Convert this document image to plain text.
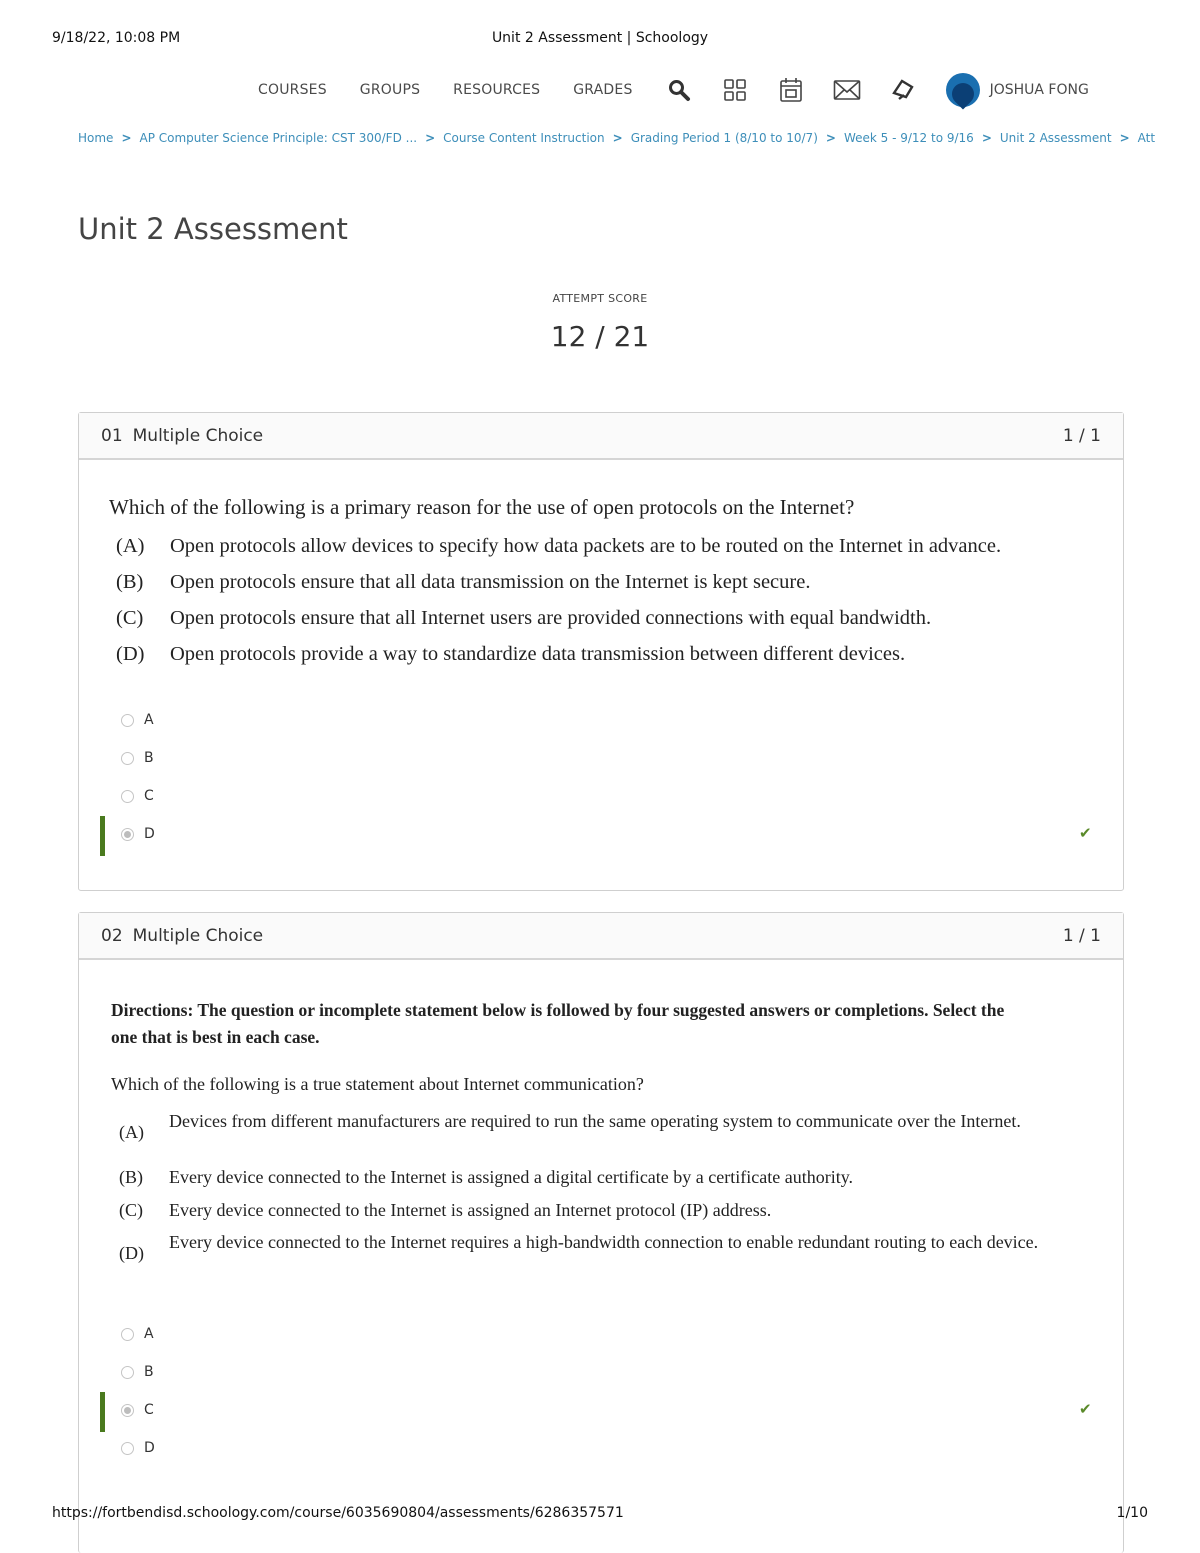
9/18/22, 10:08 PM	Unit 2 Assessment | Schoology
COURSES GROUPS RESOURCES GRADES	JOSHUA FONG
Home > AP Computer Science Principle: CST 300/FD ... > Course Content Instruction > Grading Period 1 (8/10 to 10/7) > Week 5 - 9/12 to 9/16 > Unit 2 Assessment > Att
Unit 2 Assessment
ATTEMPT SCORE
12 / 21
01 Multiple Choice	1 / 1
Which of the following is a primary reason for the use of open protocols on the Internet?
(A) Open protocols allow devices to specify how data packets are to be routed on the Internet in advance.
(B) Open protocols ensure that all data transmission on the Internet is kept secure.
(C) Open protocols ensure that all Internet users are provided connections with equal bandwidth.
(D) Open protocols provide a way to standardize data transmission between different devices.
A
B
C
D	✔
02 Multiple Choice	1 / 1
Directions: The question or incomplete statement below is followed by four suggested answers or completions. Select the one that is best in each case.
Which of the following is a true statement about Internet communication?
(A)
Devices from different manufacturers are required to run the same operating system to communicate over the Internet.
(B) Every device connected to the Internet is assigned a digital certificate by a certificate authority.
(C) Every device connected to the Internet is assigned an Internet protocol (IP) address.
(D)
Every device connected to the Internet requires a high-bandwidth connection to enable redundant routing to each device.
A
B
C	✔
D
https://fortbendisd.schoology.com/course/6035690804/assessments/6286357571	1/10
